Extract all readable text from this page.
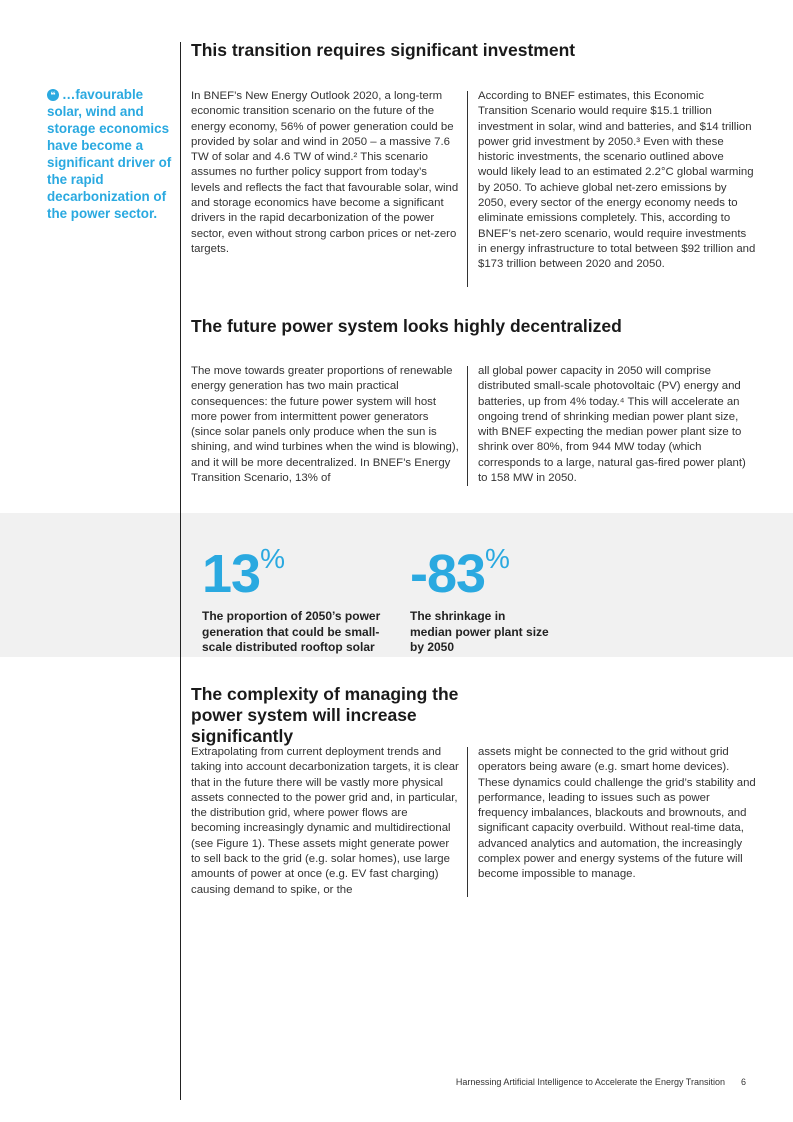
❝ …favourable solar, wind and storage economics have become a significant driver of the rapid decarbonization of the power sector.
This transition requires significant investment

In BNEF’s New Energy Outlook 2020, a long-term economic transition scenario on the future of the energy economy, 56% of power generation could be provided by solar and wind in 2050 – a massive 7.6 TW of solar and 4.6 TW of wind.² This scenario assumes no further policy support from today’s levels and reflects the fact that favourable solar, wind and storage economics have become a significant drivers in the rapid decarbonization of the power sector, even without strong carbon prices or net-zero targets.

According to BNEF estimates, this Economic Transition Scenario would require $15.1 trillion investment in solar, wind and batteries, and $14 trillion power grid investment by 2050.³ Even with these historic investments, the scenario outlined above would likely lead to an estimated 2.2°C global warming by 2050. To achieve global net-zero emissions by 2050, every sector of the energy economy needs to eliminate emissions completely. This, according to BNEF’s net-zero scenario, would require investments in energy infrastructure to total between $92 trillion and $173 trillion between 2020 and 2050.

The future power system looks highly decentralized

The move towards greater proportions of renewable energy generation has two main practical consequences: the future power system will host more power from intermittent power generators (since solar panels only produce when the sun is shining, and wind turbines when the wind is blowing), and it will be more decentralized. In BNEF’s Energy Transition Scenario, 13% of

all global power capacity in 2050 will comprise distributed small-scale photovoltaic (PV) energy and batteries, up from 4% today.⁴ This will accelerate an ongoing trend of shrinking median power plant size, with BNEF expecting the median power plant size to shrink over 80%, from 944 MW today (which corresponds to a large, natural gas-fired power plant) to 158 MW in 2050.

13%
The proportion of 2050’s power generation that could be small-scale distributed rooftop solar
-83%
The shrinkage in median power plant size by 2050
The complexity of managing the power system will increase significantly

Extrapolating from current deployment trends and taking into account decarbonization targets, it is clear that in the future there will be vastly more physical assets connected to the power grid and, in particular, the distribution grid, where power flows are becoming increasingly dynamic and multidirectional (see Figure 1). These assets might generate power to sell back to the grid (e.g. solar homes), use large amounts of power at once (e.g. EV fast charging) causing demand to spike, or the

assets might be connected to the grid without grid operators being aware (e.g. smart home devices). These dynamics could challenge the grid’s stability and performance, leading to issues such as power frequency imbalances, blackouts and brownouts, and significant capacity overbuild. Without real-time data, advanced analytics and automation, the increasingly complex power and energy systems of the future will become impossible to manage.

Harnessing Artificial Intelligence to Accelerate the Energy Transition 6
